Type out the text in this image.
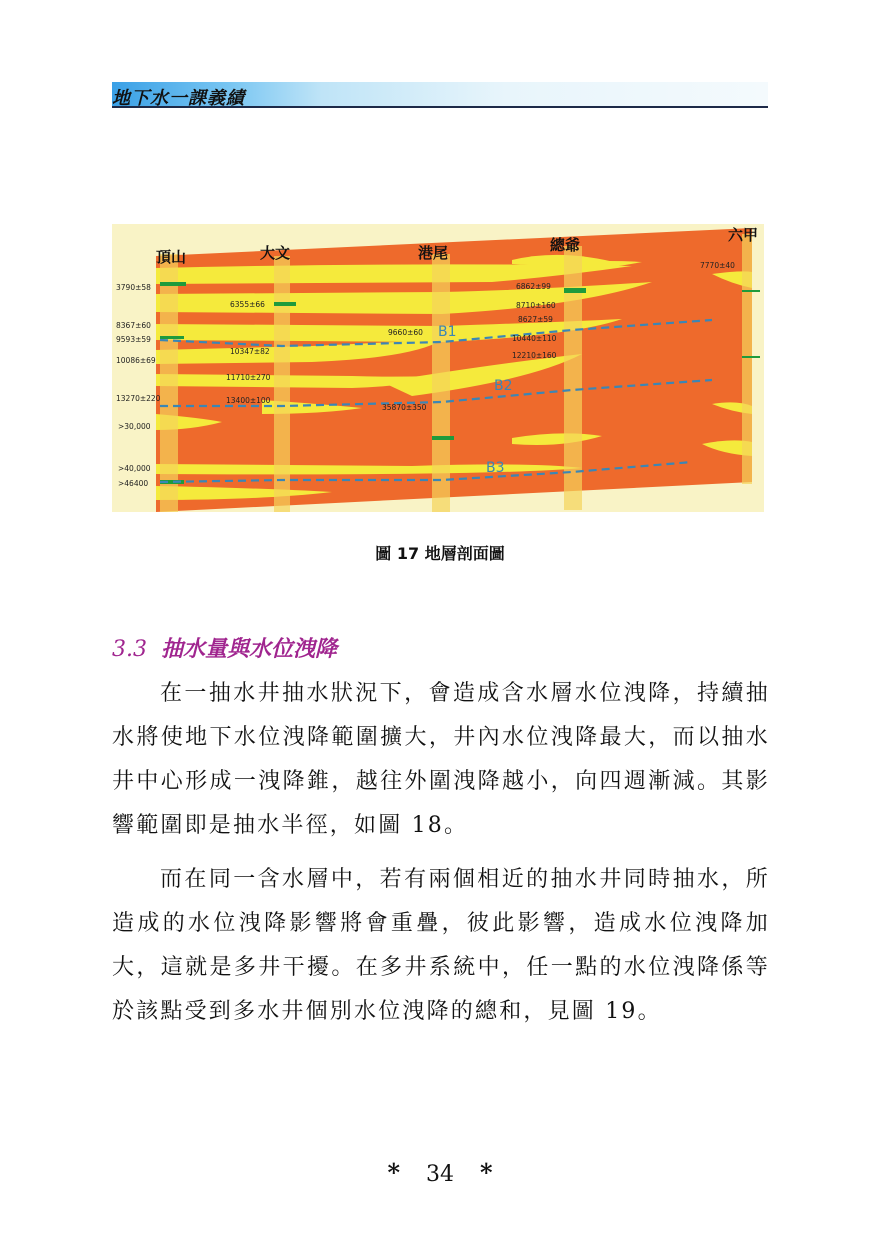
地下水一課義績
頂山	大文	港尾	總爺
六甲
3790±58
8367±60
9593±59
10086±69
13270±220
>30,000
>40,000
>46400
6355±66
10347±82
11710±270
13400±100
9660±60
35870±350
6862±99
8710±160
8627±59
10440±110
12210±160
7770±40
B1
B2
B3
圖 17 地層剖面圖
3.3 抽水量與水位洩降

在一抽水井抽水狀況下，會造成含水層水位洩降，持續抽水將使地下水位洩降範圍擴大，井內水位洩降最大，而以抽水井中心形成一洩降錐，越往外圍洩降越小，向四週漸減。其影響範圍即是抽水半徑，如圖 18。

而在同一含水層中，若有兩個相近的抽水井同時抽水，所造成的水位洩降影響將會重疊，彼此影響，造成水位洩降加大，這就是多井干擾。在多井系統中，任一點的水位洩降係等於該點受到多水井個別水位洩降的總和，見圖 19。

* 34 *
